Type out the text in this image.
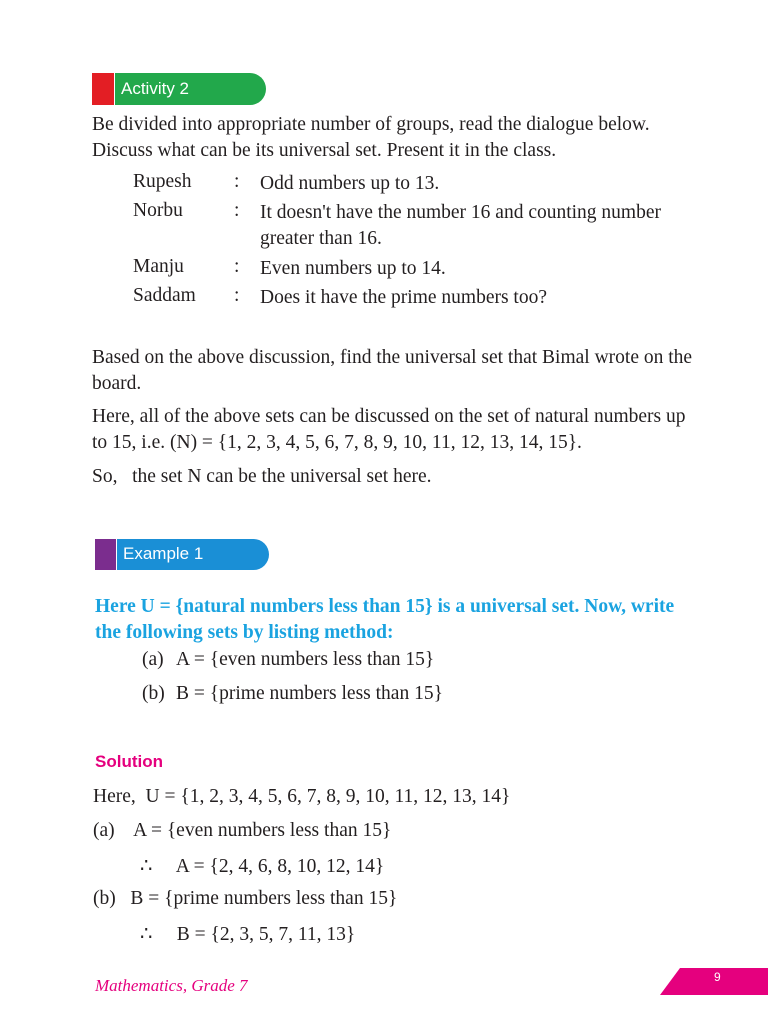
Activity 2
Be divided into appropriate number of groups, read the dialogue below. Discuss what can be its universal set. Present it in the class.
Rupesh : Odd numbers up to 13.
Norbu	: It doesn't have the number 16 and counting number greater than 16.
Manju	: Even numbers up to 14.
Saddam : Does it have the prime numbers too?
Based on the above discussion, find the universal set that Bimal wrote on the board.
Here, all of the above sets can be discussed on the set of natural numbers up to 15, i.e. (N) = {1, 2, 3, 4, 5, 6, 7, 8, 9, 10, 11, 12, 13, 14, 15}.
So,   the set N can be the universal set here.
Example 1
Here U = {natural numbers less than 15} is a universal set. Now, write the following sets by listing method:
(a) A = {even numbers less than 15}
(b) B = {prime numbers less than 15}
Solution
Here,  U = {1, 2, 3, 4, 5, 6, 7, 8, 9, 10, 11, 12, 13, 14}
(a)    A = {even numbers less than 15}
∴     A = {2, 4, 6, 8, 10, 12, 14}
(b)   B = {prime numbers less than 15}
∴     B = {2, 3, 5, 7, 11, 13}
Mathematics, Grade 7	9
